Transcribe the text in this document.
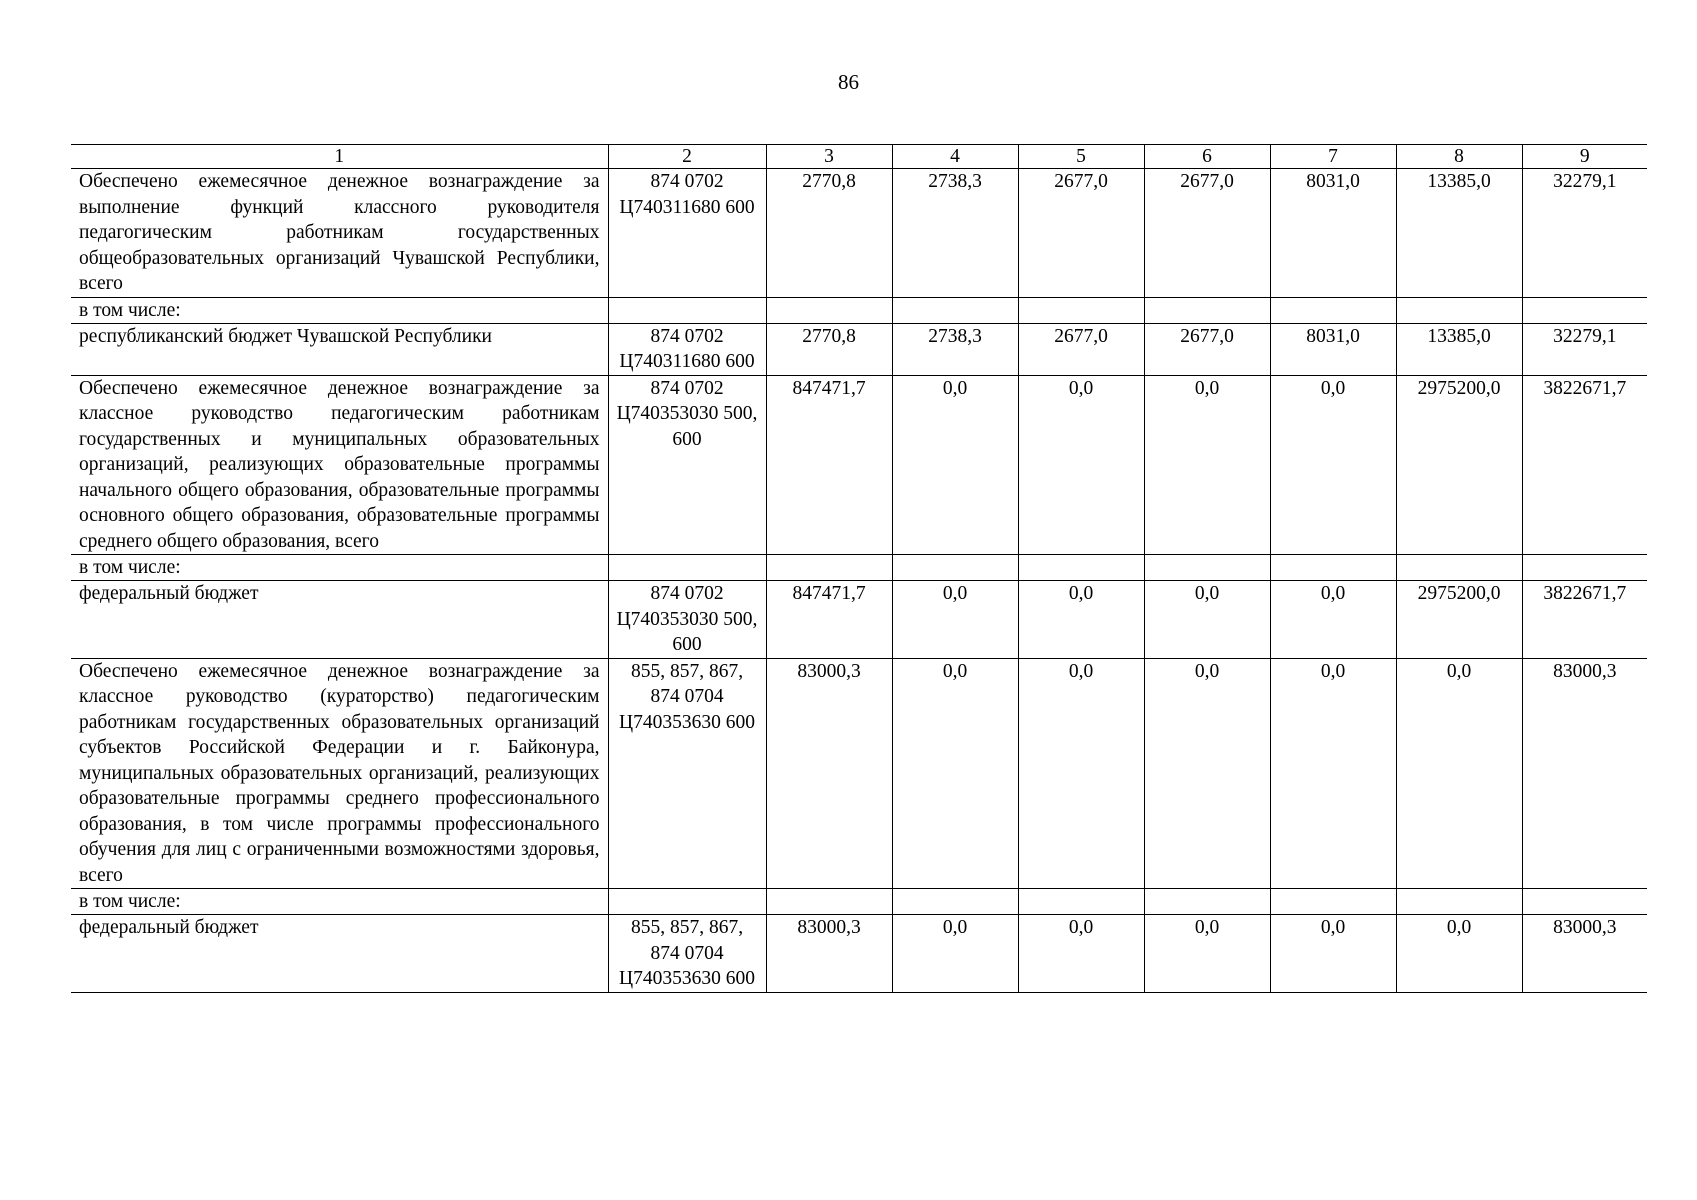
86
1	2	3	4	5	6	7	8	9
Обеспечено ежемесячное денежное вознаграждение за выполнение функций классного руководителя педагогическим работникам государственных общеобразовательных организаций Чувашской Республики, всего	874 0702 Ц740311680 600	2770,8	2738,3	2677,0	2677,0	8031,0	13385,0	32279,1
в том числе:								
республиканский бюджет Чувашской Республики	874 0702 Ц740311680 600	2770,8	2738,3	2677,0	2677,0	8031,0	13385,0	32279,1
Обеспечено ежемесячное денежное вознаграждение за классное руководство педагогическим работникам государственных и муниципальных образовательных организаций, реализующих образовательные программы начального общего образования, образовательные программы основного общего образования, образовательные программы среднего общего образования, всего	874 0702 Ц740353030 500, 600	847471,7	0,0	0,0	0,0	0,0	2975200,0	3822671,7
в том числе:								
федеральный бюджет	874 0702 Ц740353030 500, 600	847471,7	0,0	0,0	0,0	0,0	2975200,0	3822671,7
Обеспечено ежемесячное денежное вознаграждение за классное руководство (кураторство) педагогическим работникам государственных образовательных организаций субъектов Российской Федерации и г. Байконура, муниципальных образовательных организаций, реализующих образовательные программы среднего профессионального образования, в том числе программы профессионального обучения для лиц с ограниченными возможностями здоровья, всего	855, 857, 867, 874 0704 Ц740353630 600	83000,3	0,0	0,0	0,0	0,0	0,0	83000,3
в том числе:								
федеральный бюджет	855, 857, 867, 874 0704 Ц740353630 600	83000,3	0,0	0,0	0,0	0,0	0,0	83000,3
